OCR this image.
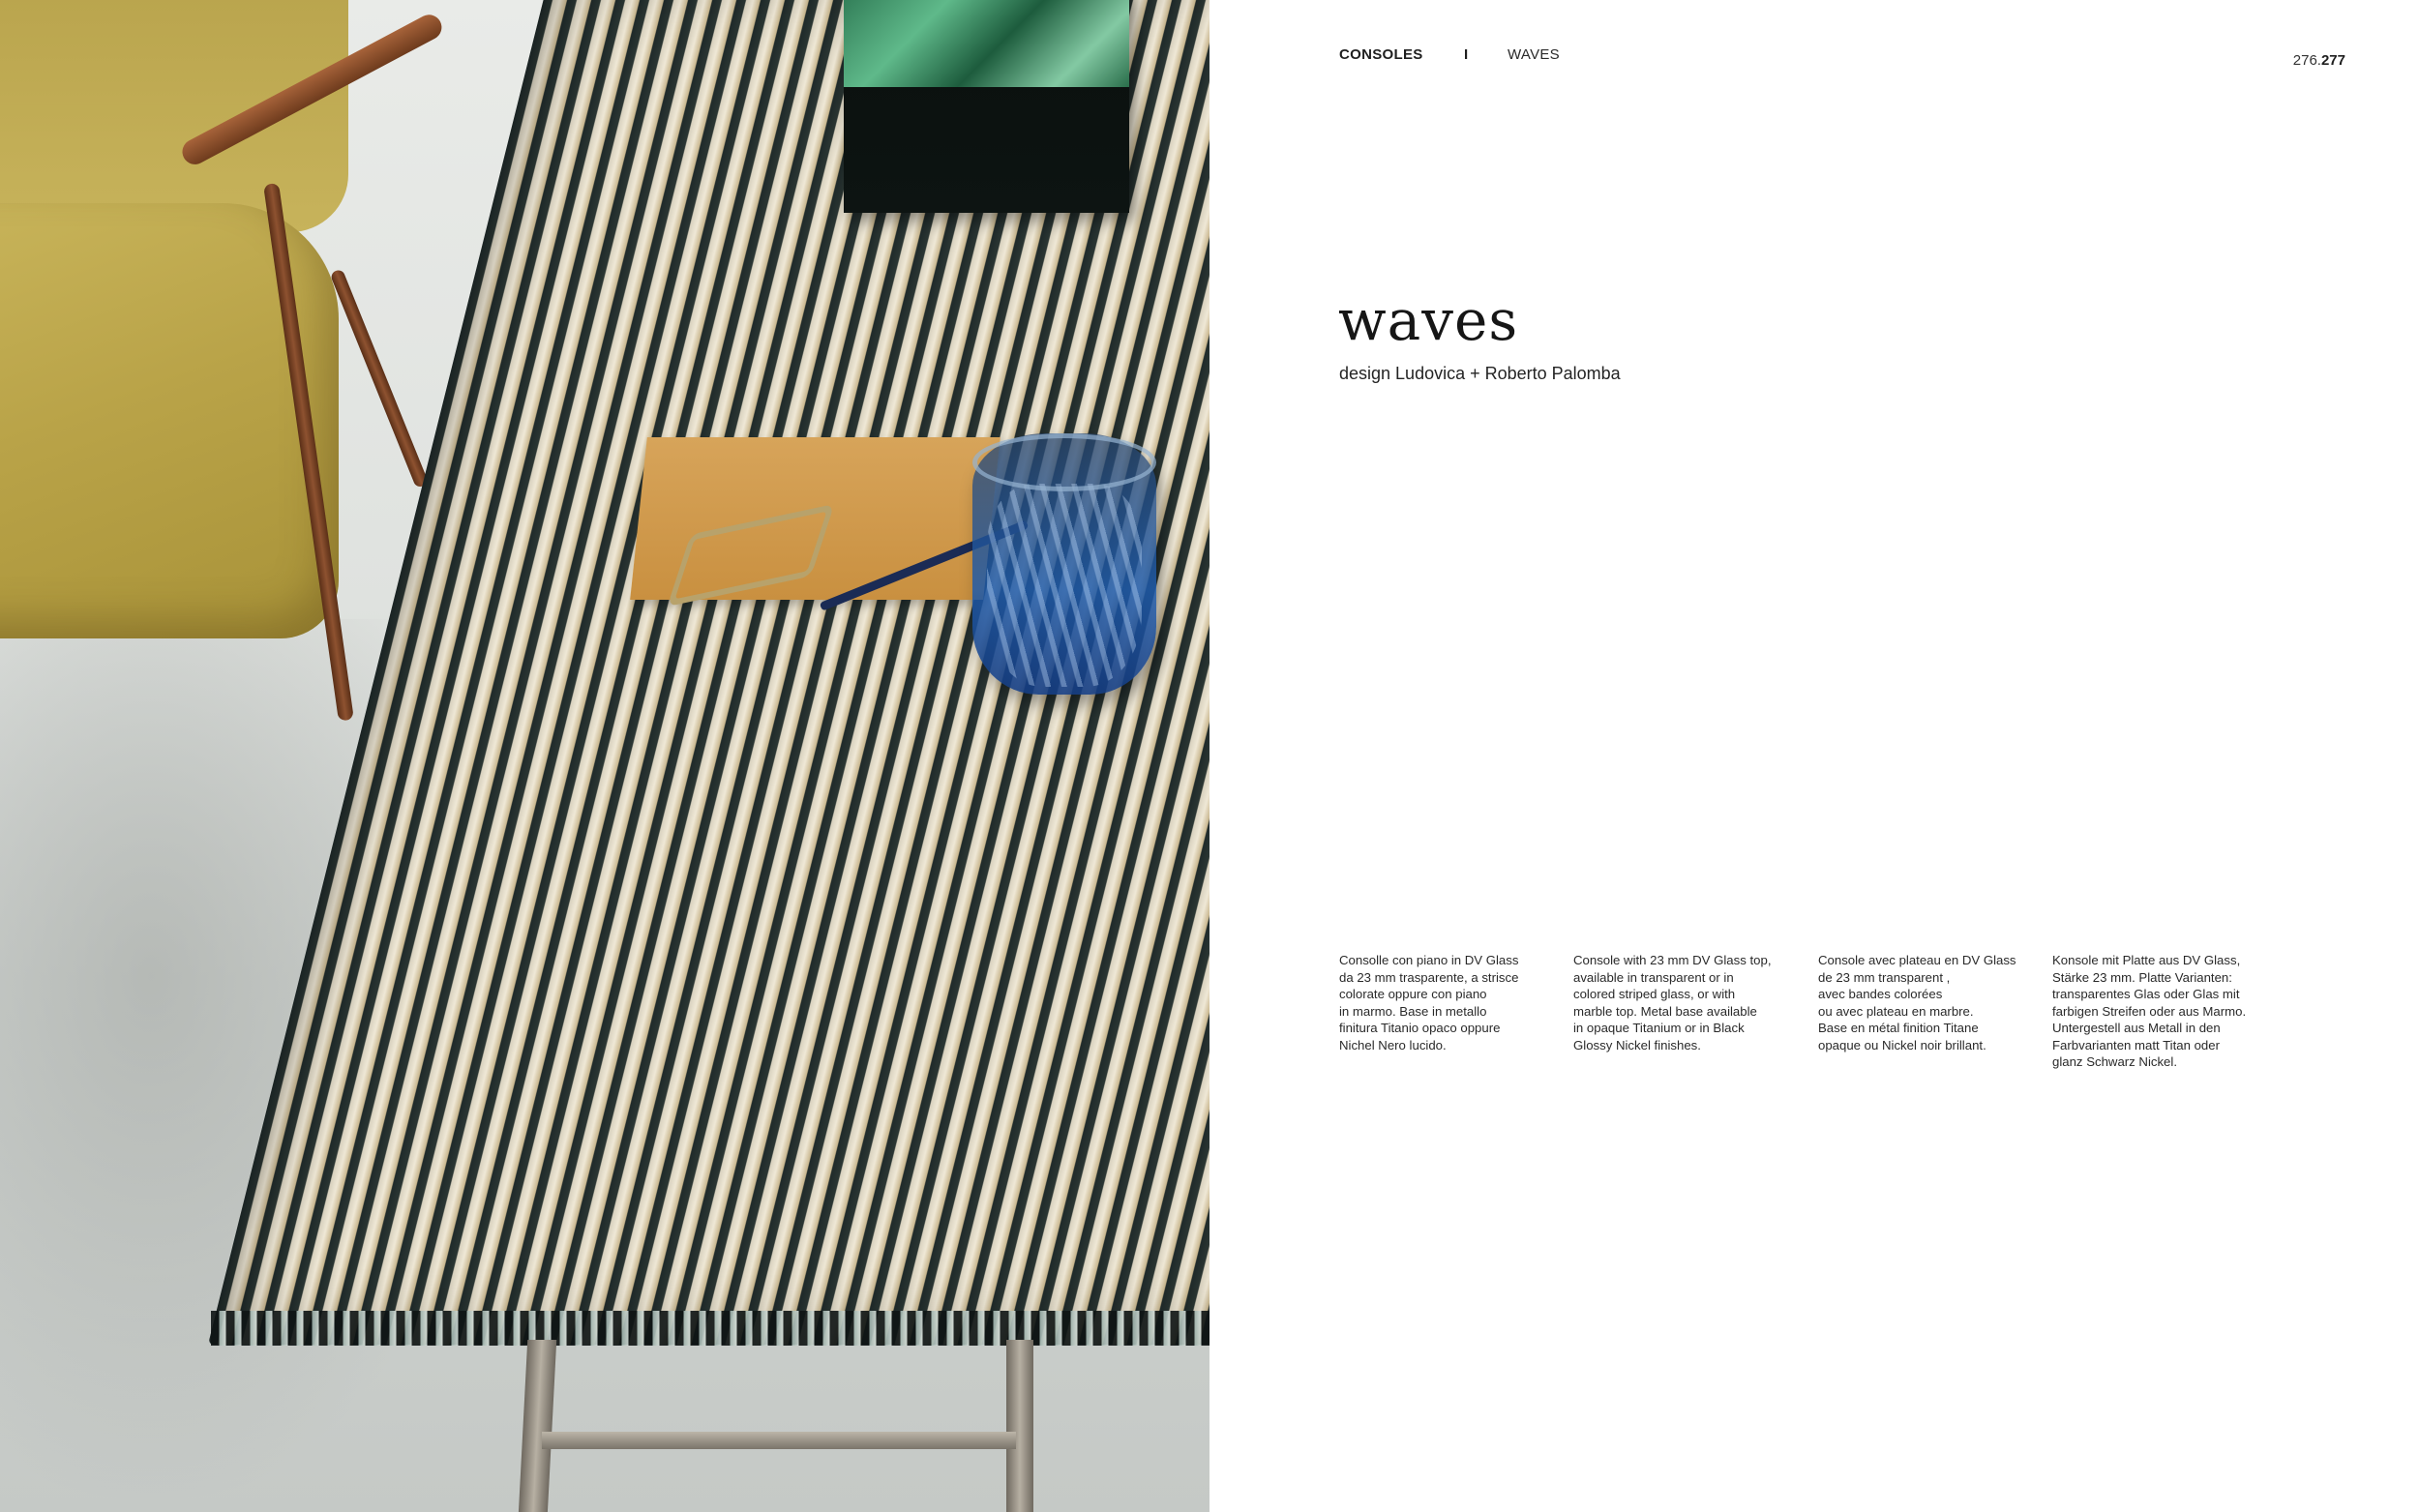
CONSOLES	I	WAVES	276.277
waves
design Ludovica + Roberto Palomba
Consolle con piano in DV Glass
da 23 mm trasparente, a strisce
colorate oppure con piano
in marmo. Base in metallo
finitura Titanio opaco oppure
Nichel Nero lucido.
Console with 23 mm DV Glass top,
available in transparent or in
colored striped glass, or with
marble top. Metal base available
in opaque Titanium or in Black
Glossy Nickel finishes.
Console avec plateau en DV Glass
de 23 mm transparent ,
avec bandes colorées
ou avec plateau en marbre.
Base en métal finition Titane
opaque ou Nickel noir brillant.
Konsole mit Platte aus DV Glass,
Stärke 23 mm. Platte Varianten:
transparentes Glas oder Glas mit
farbigen Streifen oder aus Marmo.
Untergestell aus Metall in den
Farbvarianten matt Titan oder
glanz Schwarz Nickel.
